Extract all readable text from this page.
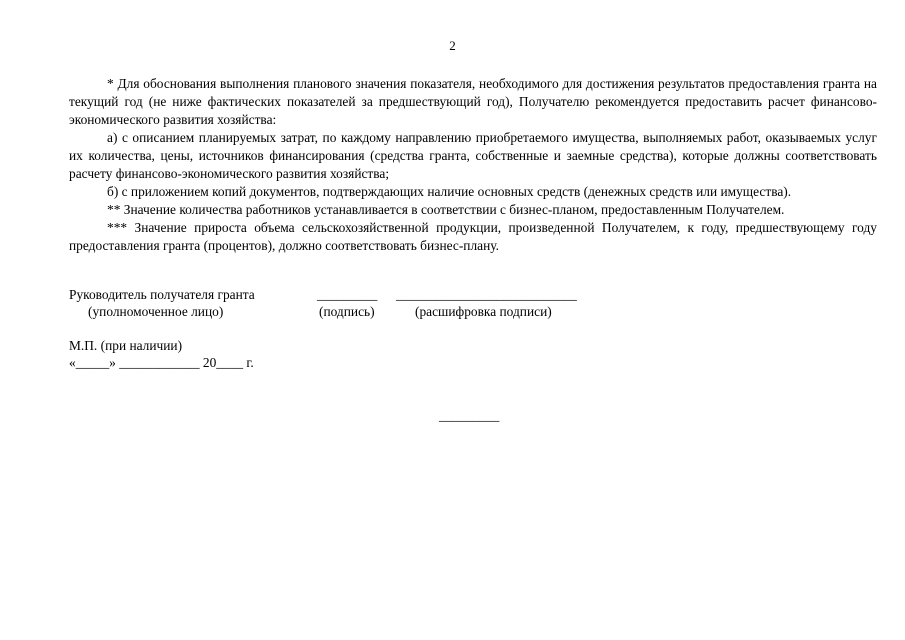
2

* Для обоснования выполнения планового значения показателя, необходимого для достижения результатов предоставления гранта на текущий год (не ниже фактических показателей за предшествующий год), Получателю рекомендуется предоставить расчет финансово-экономического развития хозяйства:

а) с описанием планируемых затрат, по каждому направлению приобретаемого имущества, выполняемых работ, оказываемых услуг их количества, цены, источников финансирования (средства гранта, собственные и заемные средства), которые должны соответствовать расчету финансово-экономического развития хозяйства;

б) с приложением копий документов, подтверждающих наличие основных средств (денежных средств или имущества).

** Значение количества работников устанавливается в соответствии с бизнес-планом, предоставленным Получателем.

*** Значение прироста объема сельскохозяйственной продукции, произведенной Получателем, к году, предшествующему году предоставления гранта (процентов), должно соответствовать бизнес-плану.

Руководитель получателя гранта	_________ ___________________________
(уполномоченное лицо)	(подпись)	(расшифровка подписи)
М.П. (при наличии)
«_____» ____________ 20____ г.
_________
